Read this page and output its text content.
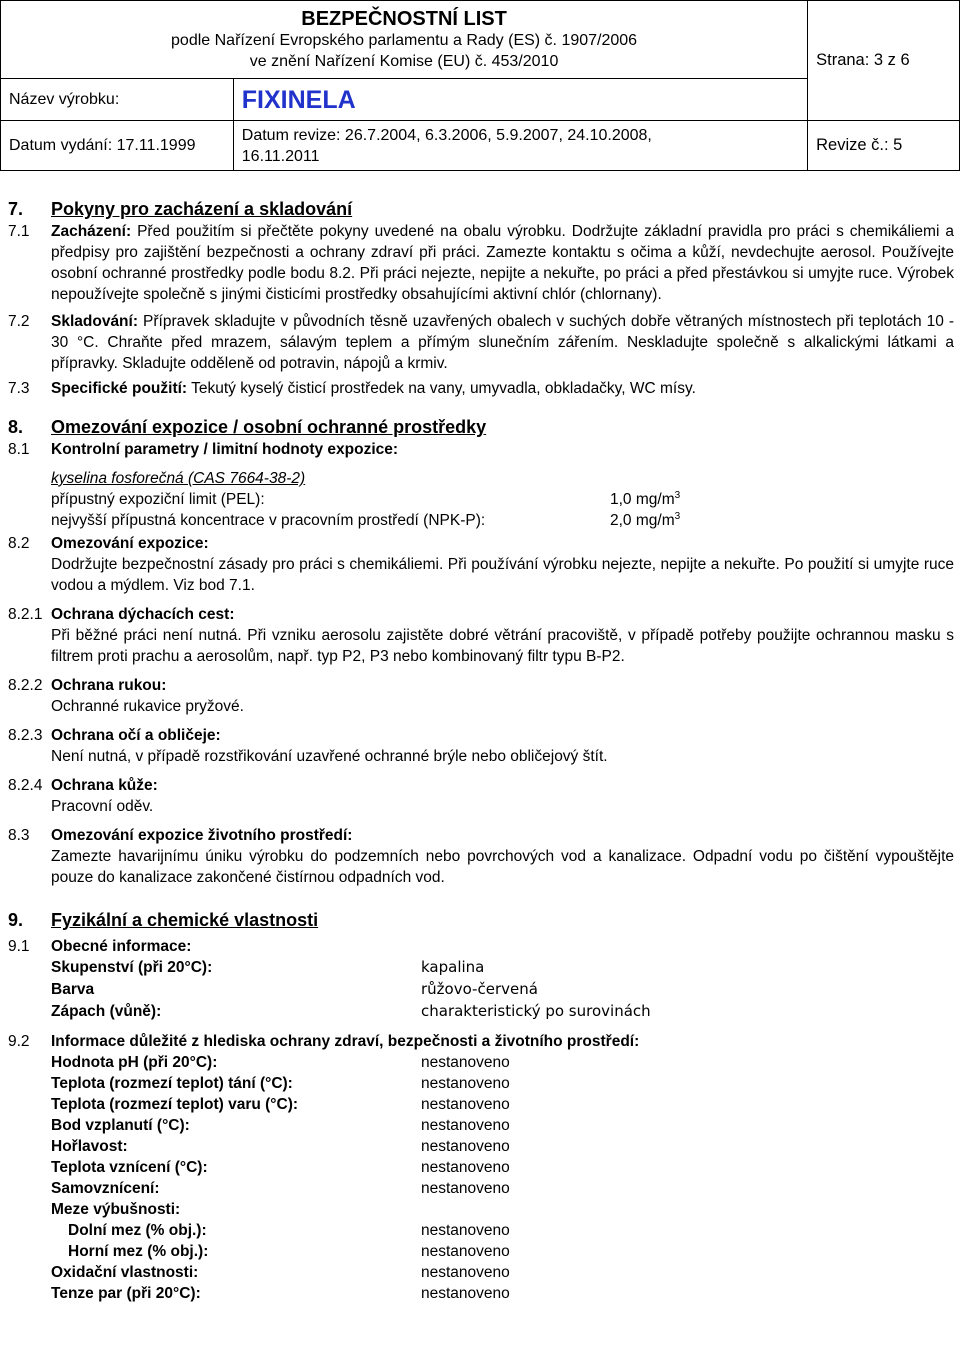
BEZPEČNOSTNÍ LIST
podle Nařízení Evropského parlamentu a Rady (ES) č. 1907/2006
ve znění Nařízení Komise (EU) č. 453/2010		Strana: 3 z 6
Název výrobku:	FIXINELA	
Datum vydání: 17.11.1999	Datum revize: 26.7.2004, 6.3.2006, 5.9.2007, 24.10.2008,
16.11.2011	Revize č.: 5
7.	Pokyny pro zacházení a skladování
7.1	Zacházení: Před použitím si přečtěte pokyny uvedené na obalu výrobku. Dodržujte základní pravidla pro práci s chemikáliemi a předpisy pro zajištění bezpečnosti a ochrany zdraví při práci. Zamezte kontaktu s očima a kůží, nevdechujte aerosol. Používejte osobní ochranné prostředky podle bodu 8.2. Při práci nejezte, nepijte a nekuřte, po práci a před přestávkou si umyjte ruce. Výrobek nepoužívejte společně s jinými čisticími prostředky obsahujícími aktivní chlór (chlornany).
7.2	Skladování: Přípravek skladujte v původních těsně uzavřených obalech v suchých dobře větraných místnostech při teplotách 10 - 30 °C. Chraňte před mrazem, sálavým teplem a přímým slunečním zářením. Neskladujte společně s alkalickými látkami a přípravky. Skladujte odděleně od potravin, nápojů a krmiv.
7.3	Specifické použití: Tekutý kyselý čisticí prostředek na vany, umyvadla, obkladačky, WC mísy.
8.	Omezování expozice / osobní ochranné prostředky
8.1	Kontrolní parametry / limitní hodnoty expozice:
kyselina fosforečná (CAS 7664-38-2)
přípustný expoziční limit (PEL):	1,0 $mg/m^3$
nejvyšší přípustná koncentrace v pracovním prostředí (NPK-P):	2,0 $mg/m^3$
8.2	Omezování expozice:
Dodržujte bezpečnostní zásady pro práci s chemikáliemi. Při používání výrobku nejezte, nepijte a nekuřte. Po použití si umyjte ruce vodou a mýdlem. Viz bod 7.1.
8.2.1 Ochrana dýchacích cest:
Při běžné práci není nutná. Při vzniku aerosolu zajistěte dobré větrání pracoviště, v případě potřeby použijte ochrannou masku s filtrem proti prachu a aerosolům, např. typ P2, P3 nebo kombinovaný filtr typu B-P2.
8.2.2 Ochrana rukou:
Ochranné rukavice pryžové.
8.2.3 Ochrana očí a obličeje:
Není nutná, v případě rozstřikování uzavřené ochranné brýle nebo obličejový štít.
8.2.4 Ochrana kůže:
Pracovní oděv.
8.3	Omezování expozice životního prostředí:
Zamezte havarijnímu úniku výrobku do podzemních nebo povrchových vod a kanalizace. Odpadní vodu po čištění vypouštějte pouze do kanalizace zakončené čistírnou odpadních vod.
9.	Fyzikální a chemické vlastnosti
9.1	Obecné informace:
Skupenství (při 20°C):	kapalina
Barva	růžovo-červená
Zápach (vůně):	charakteristický po surovinách
9.2	Informace důležité z hlediska ochrany zdraví, bezpečnosti a životního prostředí:
Hodnota pH (při 20°C):	nestanoveno
Teplota (rozmezí teplot) tání (°C):	nestanoveno
Teplota (rozmezí teplot) varu (°C):	nestanoveno
Bod vzplanutí (°C):	nestanoveno
Hořlavost:	nestanoveno
Teplota vznícení (°C):	nestanoveno
Samovznícení:	nestanoveno
Meze výbušnosti:
Dolní mez (% obj.):	nestanoveno
Horní mez (% obj.):	nestanoveno
Oxidační vlastnosti:	nestanoveno
Tenze par (při 20°C):	nestanoveno
